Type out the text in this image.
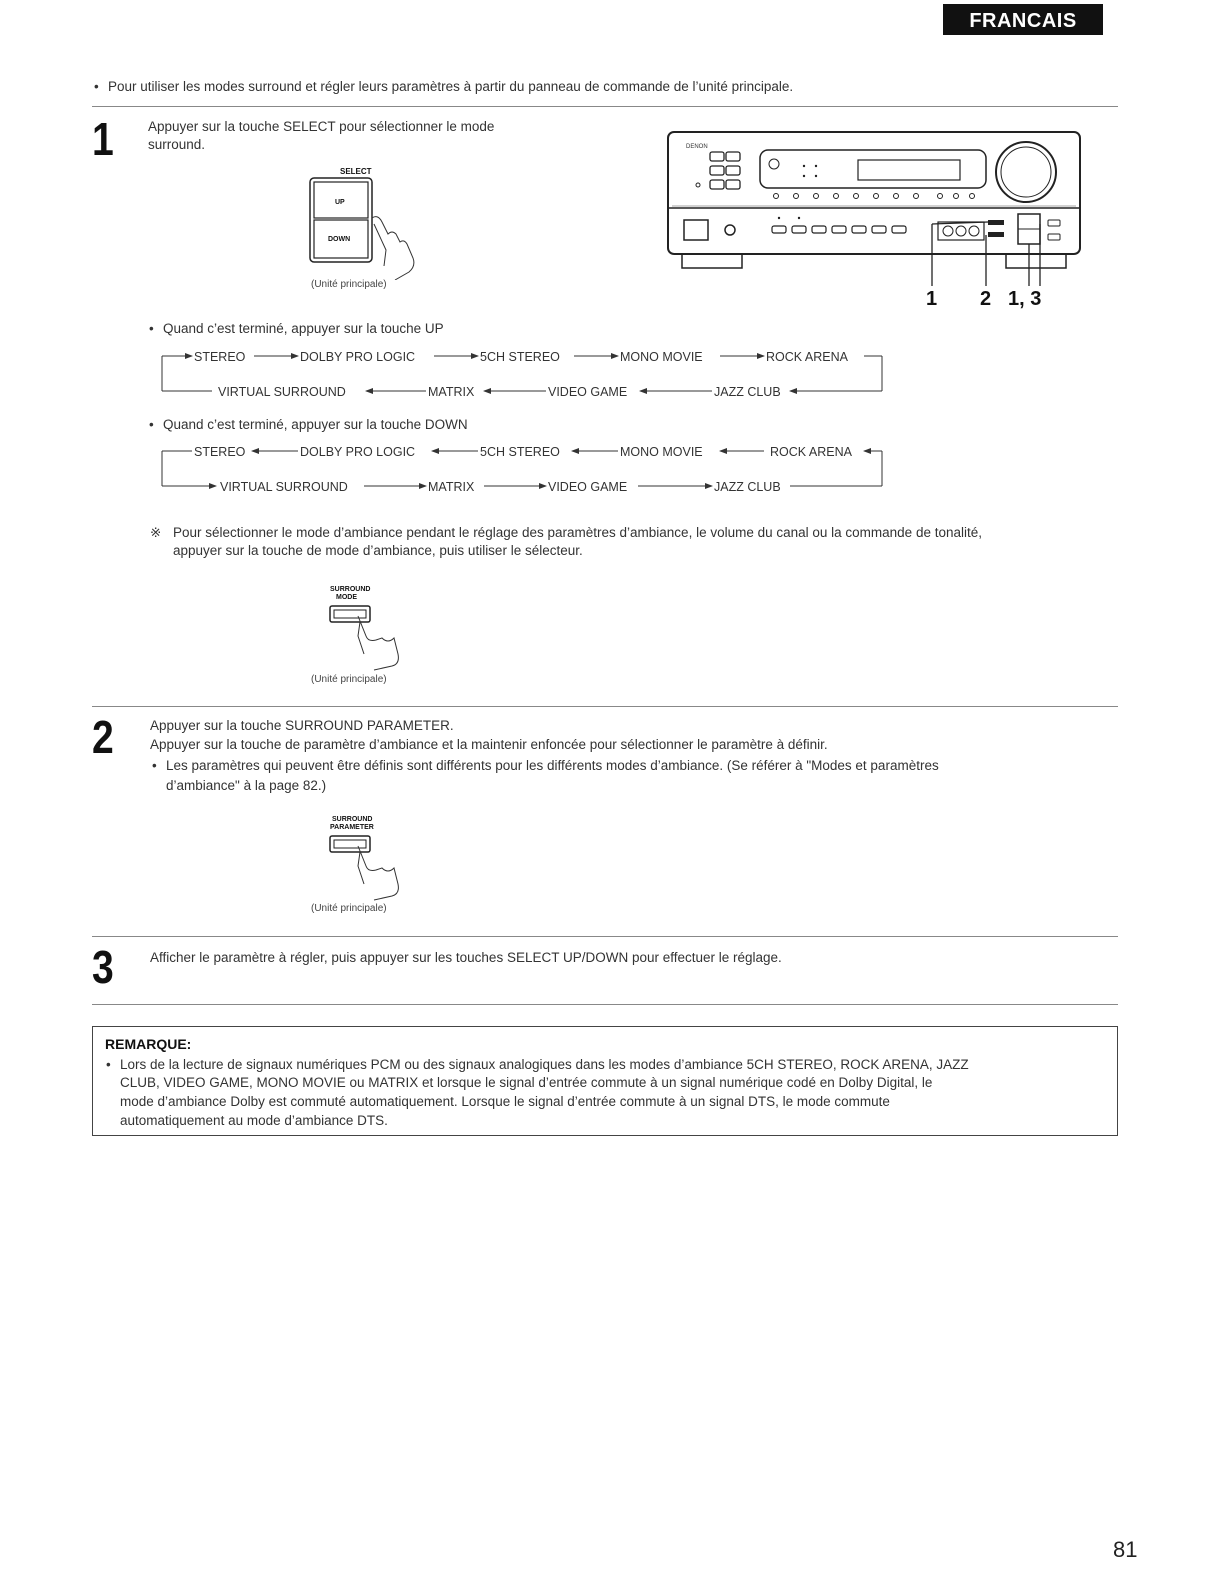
FRANCAIS
• Pour utiliser les modes surround et régler leurs paramètres à partir du panneau de commande de l’unité principale.
1	Appuyer sur la touche SELECT pour sélectionner le mode
surround.
SELECT
UP
DOWN
(Unité principale)
DENON
1 2 1, 3
• Quand c’est terminé, appuyer sur la touche UP
STEREO	DOLBY PRO LOGIC	5CH STEREO	MONO MOVIE	ROCK ARENA
VIRTUAL SURROUND	MATRIX	VIDEO GAME	JAZZ CLUB
• Quand c’est terminé, appuyer sur la touche DOWN
STEREO	DOLBY PRO LOGIC	5CH STEREO	MONO MOVIE	ROCK ARENA
VIRTUAL SURROUND	MATRIX	VIDEO GAME	JAZZ CLUB
※ Pour sélectionner le mode d’ambiance pendant le réglage des paramètres d’ambiance, le volume du canal ou la commande de tonalité,
appuyer sur la touche de mode d’ambiance, puis utiliser le sélecteur.
SURROUND
MODE
(Unité principale)
2	Appuyer sur la touche SURROUND PARAMETER.
Appuyer sur la touche de paramètre d’ambiance et la maintenir enfoncée pour sélectionner le paramètre à définir.
• Les paramètres qui peuvent être définis sont différents pour les différents modes d’ambiance. (Se référer à "Modes et paramètres
d’ambiance" à la page 82.)
SURROUND
PARAMETER
(Unité principale)
3	Afficher le paramètre à régler, puis appuyer sur les touches SELECT UP/DOWN pour effectuer le réglage.
REMARQUE:
• Lors de la lecture de signaux numériques PCM ou des signaux analogiques dans les modes d’ambiance 5CH STEREO, ROCK ARENA, JAZZ
CLUB, VIDEO GAME, MONO MOVIE ou MATRIX et lorsque le signal d’entrée commute à un signal numérique codé en Dolby Digital, le
mode d’ambiance Dolby est commuté automatiquement. Lorsque le signal d’entrée commute à un signal DTS, le mode commute
automatiquement au mode d’ambiance DTS.
81
